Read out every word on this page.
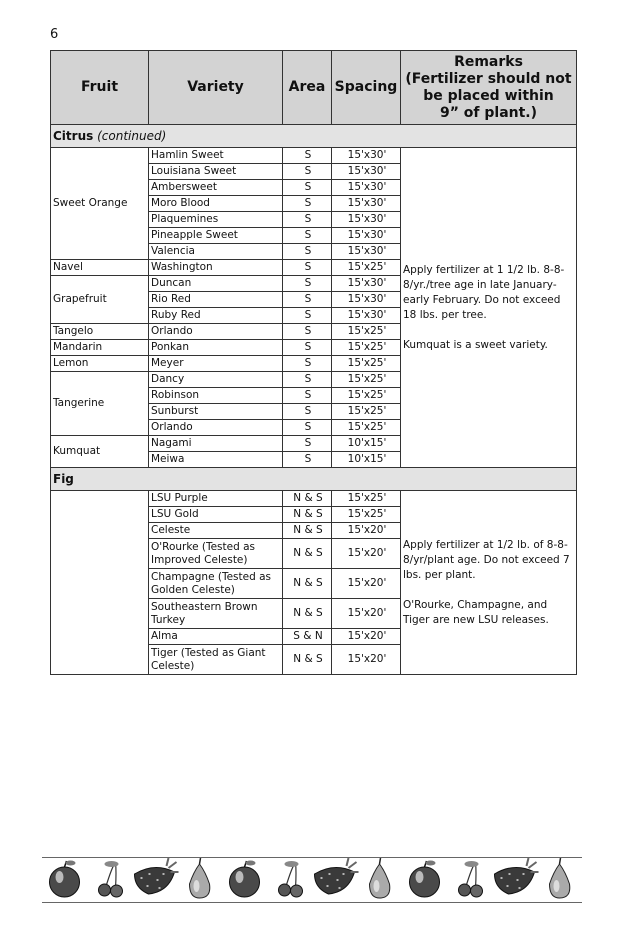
6
Fruit	Variety	Area	Spacing	Remarks
(Fertilizer should not
be placed within
9” of plant.)

Citrus (continued)				
Sweet Orange	Hamlin Sweet	S	15'x30'	Apply fertilizer at 1 1/2 lb. 8-8-8/yr./tree age in late January-early February. Do not exceed 18 lbs. per tree.

Kumquat is a sweet variety.

	Louisiana Sweet	S	15'x30'	
	Ambersweet	S	15'x30'	
	Moro Blood	S	15'x30'	
	Plaquemines	S	15'x30'	
	Pineapple Sweet	S	15'x30'	
	Valencia	S	15'x30'	
Navel	Washington	S	15'x25'	
Grapefruit	Duncan	S	15'x30'	
	Rio Red	S	15'x30'	
	Ruby Red	S	15'x30'	
Tangelo	Orlando	S	15'x25'	
Mandarin	Ponkan	S	15'x25'	
Lemon	Meyer	S	15'x25'	
Tangerine	Dancy	S	15'x25'	
	Robinson	S	15'x25'	
	Sunburst	S	15'x25'	
	Orlando	S	15'x25'	
Kumquat	Nagami	S	10'x15'	
	Meiwa	S	10'x15'	
Fig				
	LSU Purple	N & S	15'x25'	Apply fertilizer at 1/2 lb. of 8-8-8/yr/plant age. Do not exceed 7 lbs. per plant.

O'Rourke, Champagne, and Tiger are new LSU releases.

	LSU Gold	N & S	15'x25'	
	Celeste	N & S	15'x20'	
	O'Rourke (Tested as Improved Celeste)	N & S	15'x20'	
	Champagne (Tested as Golden Celeste)	N & S	15'x20'	
	Southeastern Brown Turkey	N & S	15'x20'	
	Alma	S & N	15'x20'	
	Tiger (Tested as Giant Celeste)	N & S	15'x20'	
